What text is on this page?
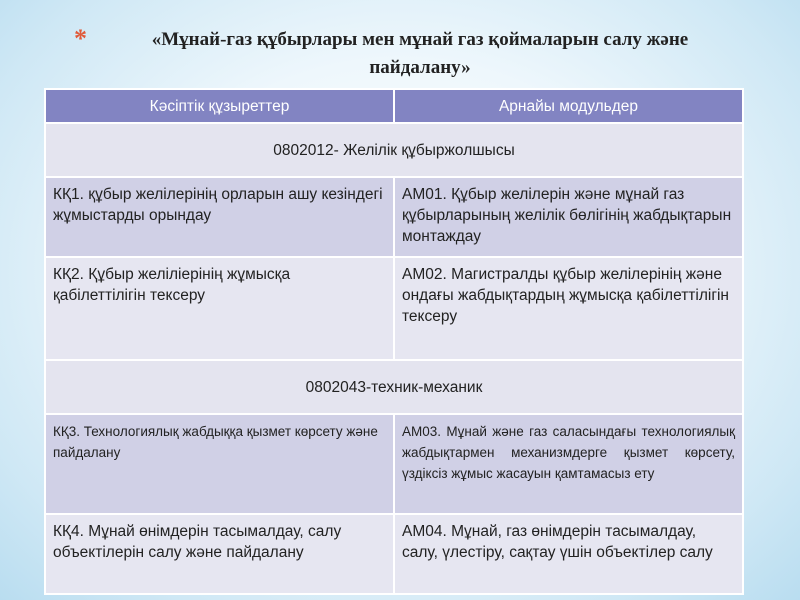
*	«Мұнай-газ құбырлары мен мұнай газ қоймаларын салу және
пайдалану»
Кәсіптік құзыреттер	Арнайы модульдер
0802012- Желілік құбыржолшысы	
КҚ1. құбыр желілерінің орларын ашу кезіндегі жұмыстарды орындау	АМ01. Құбыр желілерін және мұнай газ құбырларының желілік бөлігінің жабдықтарын монтаждау
КҚ2. Құбыр желіліерінің жұмысқа қабілеттілігін тексеру	АМ02. Магистралды құбыр желілерінің және ондағы жабдықтардың жұмысқа қабілеттілігін тексеру
0802043-техник-механик	
КҚ3. Технологиялық жабдыққа қызмет көрсету және пайдалану	АМ03. Мұнай және газ саласындағы технологиялық жабдықтармен механизмдерге қызмет көрсету, үздіксіз жұмыс жасауын қамтамасыз ету
КҚ4. Мұнай өнімдерін тасымалдау, салу объектілерін салу және пайдалану	АМ04. Мұнай, газ өнімдерін тасымалдау, салу, үлестіру, сақтау үшін объектілер салу
